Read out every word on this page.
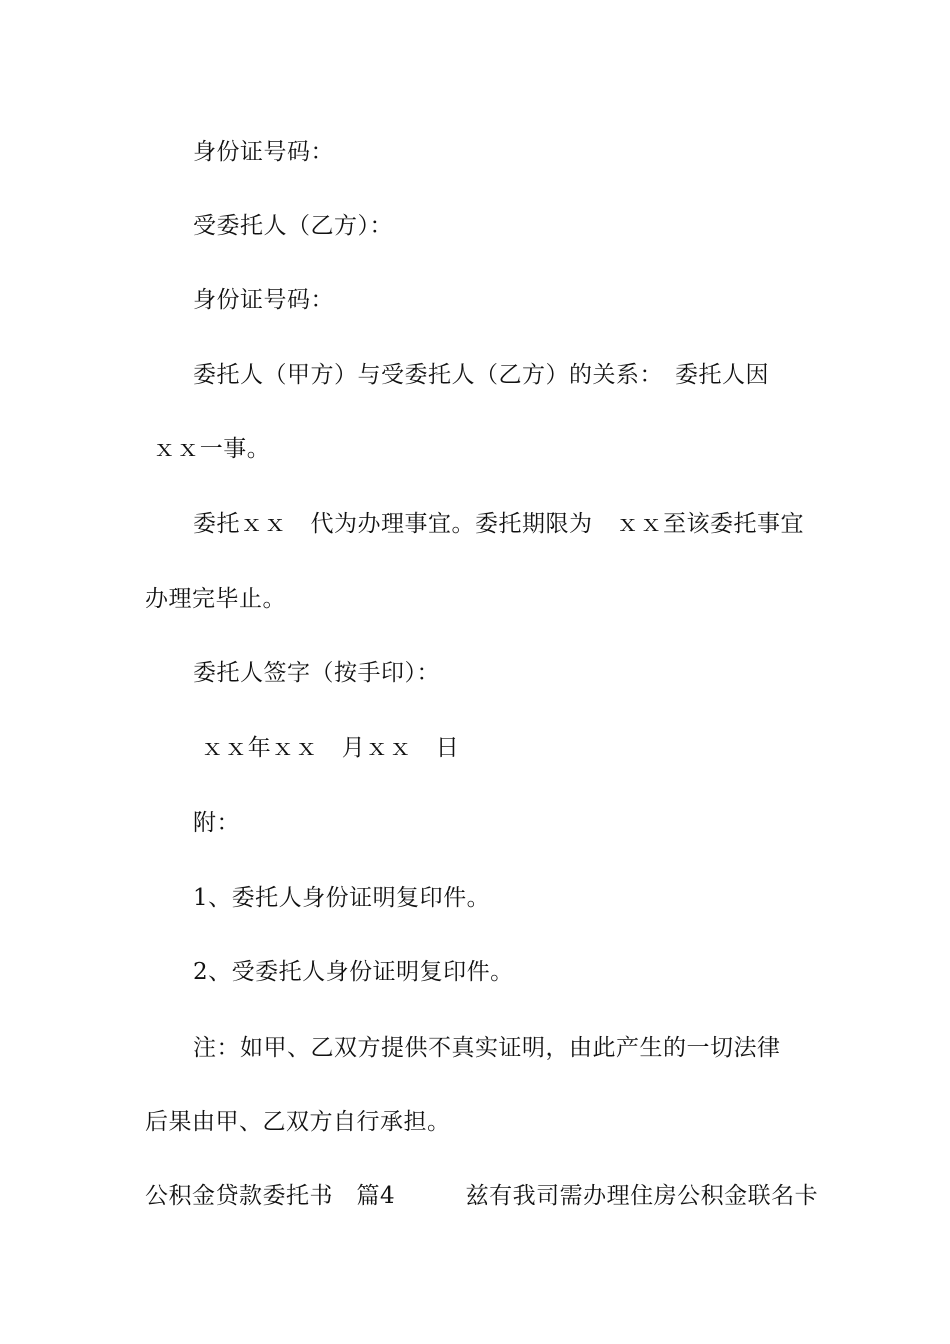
身份证号码：
受委托人（乙方）：
身份证号码：
委托人（甲方）与受委托人（乙方）的关系：　委托人因
ｘｘ一事。
委托ｘｘ　代为办理事宜。委托期限为　ｘｘ至该委托事宜
办理完毕止。
委托人签字（按手印）：
ｘｘ年ｘｘ　月ｘｘ　日
附：
1、委托人身份证明复印件。
2、受委托人身份证明复印件。
注：如甲、乙双方提供不真实证明，由此产生的一切法律
后果由甲、乙双方自行承担。
公积金贷款委托书　篇4　　　兹有我司需办理住房公积金联名卡
